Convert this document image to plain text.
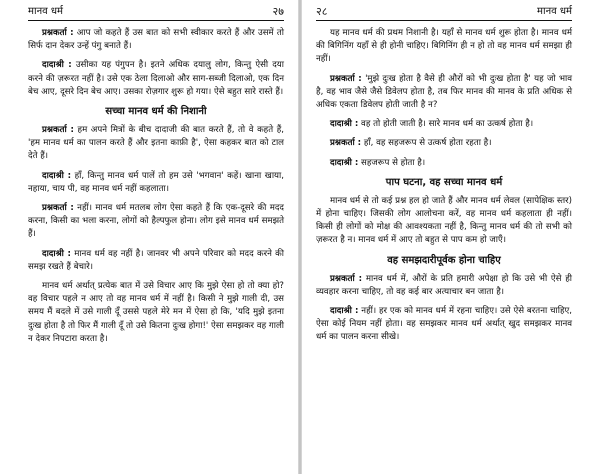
मानव धर्म	२७

प्रश्नकर्ता : आप जो कहते हैं उस बात को सभी स्वीकार करते हैं और उसमें तो सिर्फ दान देकर उन्हें पंगु बनाते हैं।

दादाश्री : उसीका यह पंगुपन है। इतने अधिक दयालु लोग, किन्तु ऐसी दया करने की ज़रूरत नहीं है। उसे एक ठेला दिलाओ और साग-सब्जी दिलाओ, एक दिन बेच आए, दूसरे दिन बेच आए। उसका रोज़गार शुरू हो गया। ऐसे बहुत सारे रास्ते हैं।

सच्चा मानव धर्म की निशानी

प्रश्नकर्ता : हम अपने मित्रों के बीच दादाजी की बात करते हैं, तो वे कहते हैं, 'हम मानव धर्म का पालन करते हैं और इतना काफ़ी है', ऐसा कहकर बात को टाल देते हैं।

दादाश्री : हाँ, किन्तु मानव धर्म पालें तो हम उसे 'भगवान' कहें। खाना खाया, नहाया, चाय पी, वह मानव धर्म नहीं कहलाता।

प्रश्नकर्ता : नहीं। मानव धर्म मतलब लोग ऐसा कहते हैं कि एक-दूसरे की मदद करना, किसी का भला करना, लोगों को हैल्पफुल होना। लोग इसे मानव धर्म समझते हैं।

दादाश्री : मानव धर्म वह नहीं है। जानवर भी अपने परिवार को मदद करने की समझ रखते हैं बेचारे।

मानव धर्म अर्थात् प्रत्येक बात में उसे विचार आए कि मुझे ऐसा हो तो क्या हो? वह विचार पहले न आए तो वह मानव धर्म में नहीं है। किसी ने मुझे गाली दी, उस समय मैं बदले में उसे गाली दूँ उससे पहले मेरे मन में ऐसा हो कि, 'यदि मुझे इतना दुःख होता है तो फिर मैं गाली दूँ तो उसे कितना दुःख होगा!' ऐसा समझकर वह गाली न देकर निपटारा करता है।

२८	मानव धर्म

यह मानव धर्म की प्रथम निशानी है। यहाँ से मानव धर्म शुरू होता है। मानव धर्म की बिगिनिंग यहाँ से ही होनी चाहिए। बिगिनिंग ही न हो तो वह मानव धर्म समझा ही नहीं।

प्रश्नकर्ता : 'मुझे दुःख होता है वैसे ही औरों को भी दुःख होता है' यह जो भाव है, वह भाव जैसे जैसे डिवेलप होता है, तब फिर मानव की मानव के प्रति अधिक से अधिक एकता डिवेलप होती जाती है न?

दादाश्री : वह तो होती जाती है। सारे मानव धर्म का उत्कर्ष होता है।

प्रश्नकर्ता : हाँ, वह सहजरूप से उत्कर्ष होता रहता है।

दादाश्री : सहजरूप से होता है।

पाप घटना, वह सच्चा मानव धर्म

मानव धर्म से तो कई प्रश्न हल हो जाते हैं और मानव धर्म लेवल (सापेक्षिक स्तर) में होना चाहिए। जिसकी लोग आलोचना करें, वह मानव धर्म कहलाता ही नहीं। किसी ही लोगों को मोक्ष की आवश्यकता नहीं है, किन्तु मानव धर्म की तो सभी को ज़रूरत है न। मानव धर्म में आए तो बहुत से पाप कम हो जाएँ।

वह समझदारीपूर्वक होना चाहिए

प्रश्नकर्ता : मानव धर्म में, औरों के प्रति हमारी अपेक्षा हो कि उसे भी ऐसे ही व्यवहार करना चाहिए, तो वह कई बार अत्याचार बन जाता है।

दादाश्री : नहीं। हर एक को मानव धर्म में रहना चाहिए। उसे ऐसे बरतना चाहिए, ऐसा कोई नियम नहीं होता। वह समझकर मानव धर्म अर्थात् खुद समझकर मानव धर्म का पालन करना सीखे।
